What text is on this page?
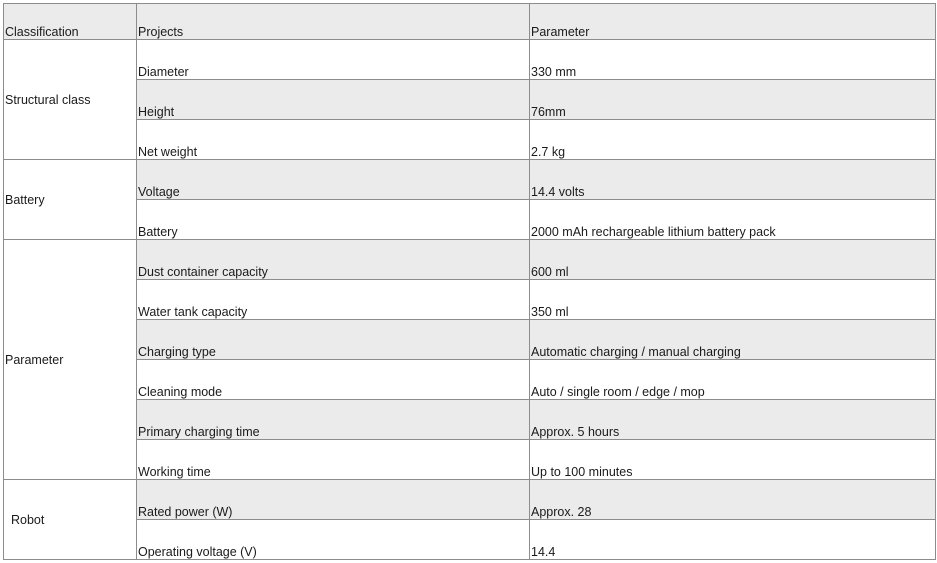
Classification	Projects	Parameter
Structural class	Diameter	330 mm
	Height	76mm
	Net weight	2.7 kg
Battery	Voltage	14.4 volts
	Battery	2000 mAh rechargeable lithium battery pack
Parameter	Dust container capacity	600 ml
	Water tank capacity	350 ml
	Charging type	Automatic charging / manual charging
	Cleaning mode	Auto / single room / edge / mop
	Primary charging time	Approx. 5 hours
	Working time	Up to 100 minutes
Robot	Rated power (W)	Approx. 28
	Operating voltage (V)	14.4
